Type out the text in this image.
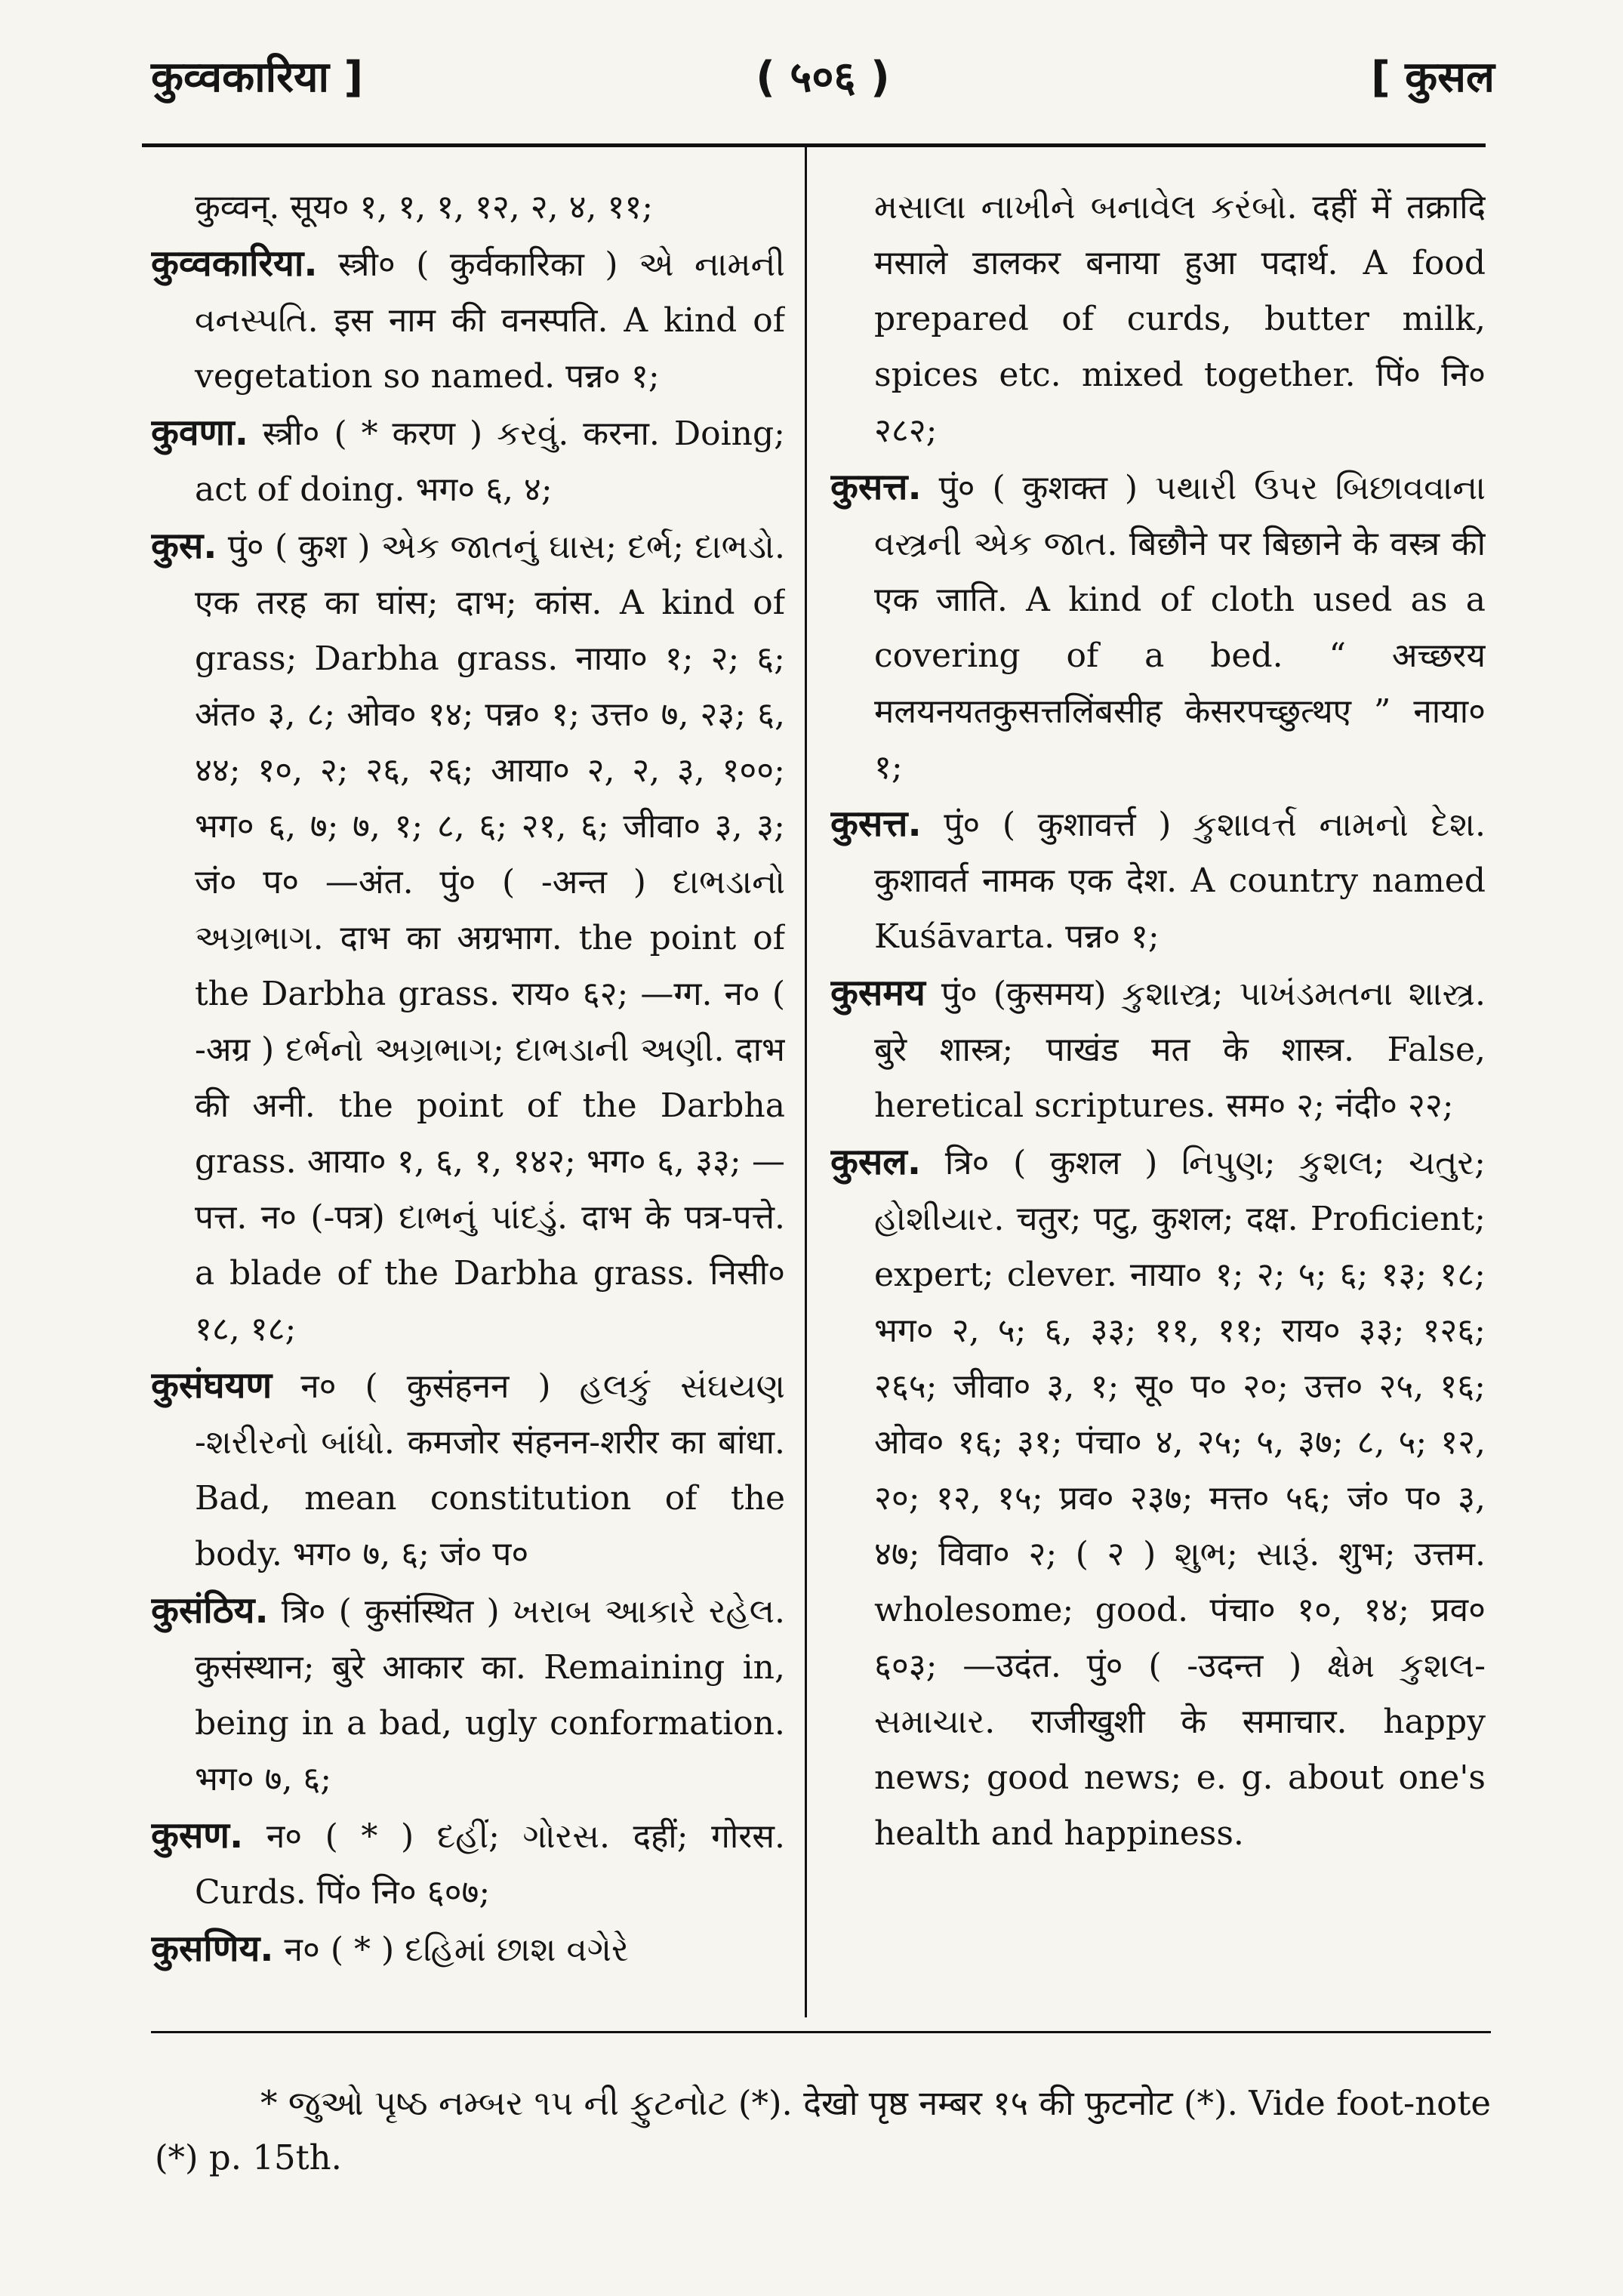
कुव्वकारिया ]	( ५०६ )	[ कुसल

कुव्वन्. सूय० १, १, १, १२, २, ४, ११;

कुव्वकारिया. स्त्री० ( कुर्वकारिका ) એ નામની વનસ્પતિ. इस नाम की वनस्पति. A kind of vegetation so named. पन्न० १;

कुवणा. स्त्री० ( * करण ) કરવું. करना. Doing; act of doing. भग० ६, ४;

कुस. पुं० ( कुश ) એક જાતનું ઘાસ; દર્ભ; દાભડો. एक तरह का घांस; दाभ; कांस. A kind of grass; Darbha grass. नाया० १; २; ६; अंत० ३, ८; ओव० १४; पन्न० १; उत्त० ७, २३; ६, ४४; १०, २; २६, २६; आया० २, २, ३, १००; भग० ६, ७; ७, १; ८, ६; २१, ६; जीवा० ३, ३; जं० प० —अंत. पुं० ( -अन्त ) દાભડાનો અગ્રભાગ. दाभ का अग्रभाग. the point of the Darbha grass. राय० ६२; —ग्ग. न० ( -अग्र ) દર્ભનો અગ્રભાગ; દાભડાની અણી. दाभ की अनी. the point of the Darbha grass. आया० १, ६, १, १४२; भग० ६, ३३; —पत्त. न० (-पत्र) દાભનું પાંદડું. दाभ के पत्र-पत्ते. a blade of the Darbha grass. निसी० १८, १८;

कुसंघयण न० ( कुसंहनन ) હલકું સંઘયણ -શરીરનો બાંધો. कमजोर संहनन-शरीर का बांधा. Bad, mean constitution of the body. भग० ७, ६; जं० प०

कुसंठिय. त्रि० ( कुसंस्थित ) ખરાબ આકારે રહેલ. कुसंस्थान; बुरे आकार का. Remaining in, being in a bad, ugly conformation. भग० ७, ६;

कुसण. न० ( * ) દહીં; ગોરસ. दहीं; गोरस. Curds. पिं० नि० ६०७;

कुसणिय. न० ( * ) દહિમાં છાશ વગેરે

મસાલા નાખીને બનાવેલ કરંબો. दहीं में तक्रादि मसाले डालकर बनाया हुआ पदार्थ. A food prepared of curds, butter milk, spices etc. mixed together. पिं० नि० २८२;

कुसत्त. पुं० ( कुशक्त ) પથારી ઉપર બિછાવવાના વસ્ત્રની એક જાત. बिछौने पर बिछाने के वस्त्र की एक जाति. A kind of cloth used as a covering of a bed. “ अच्छरय मलयनयतकुसत्तलिंबसीह केसरपच्छुत्थए ” नाया० १;

कुसत्त. पुं० ( कुशावर्त्त ) કુશાવર્ત્ત નામનો દેશ. कुशावर्त नामक एक देश. A country named Kuśāvarta. पन्न० १;

कुसमय पुं० (कुसमय) કુશાસ્ત્ર; પાખંડમતના શાસ્ત્ર. बुरे शास्त्र; पाखंड मत के शास्त्र. False, heretical scriptures. सम० २; नंदी० २२;

कुसल. त्रि० ( कुशल ) નિપુણ; કુશલ; ચતુર; હોશીયાર. चतुर; पटु, कुशल; दक्ष. Proficient; expert; clever. नाया० १; २; ५; ६; १३; १८; भग० २, ५; ६, ३३; ११, ११; राय० ३३; १२६; २६५; जीवा० ३, १; सू० प० २०; उत्त० २५, १६; ओव० १६; ३१; पंचा० ४, २५; ५, ३७; ८, ५; १२, २०; १२, १५; प्रव० २३७; मत्त० ५६; जं० प० ३, ४७; विवा० २; ( २ ) શુભ; સારૂં. शुभ; उत्तम. wholesome; good. पंचा० १०, १४; प्रव० ६०३; —उदंत. पुं० ( -उदन्त ) ક્ષેમ કુશલ-સમાચાર. राजीखुशी के समाचार. happy news; good news; e. g. about one's health and happiness.

* જુઓ પૃષ્ઠ નમ્બર ૧૫ ની ફુટનોટ (*). देखो पृष्ठ नम्बर १५ की फुटनोट (*). Vide foot-note (*) p. 15th.
